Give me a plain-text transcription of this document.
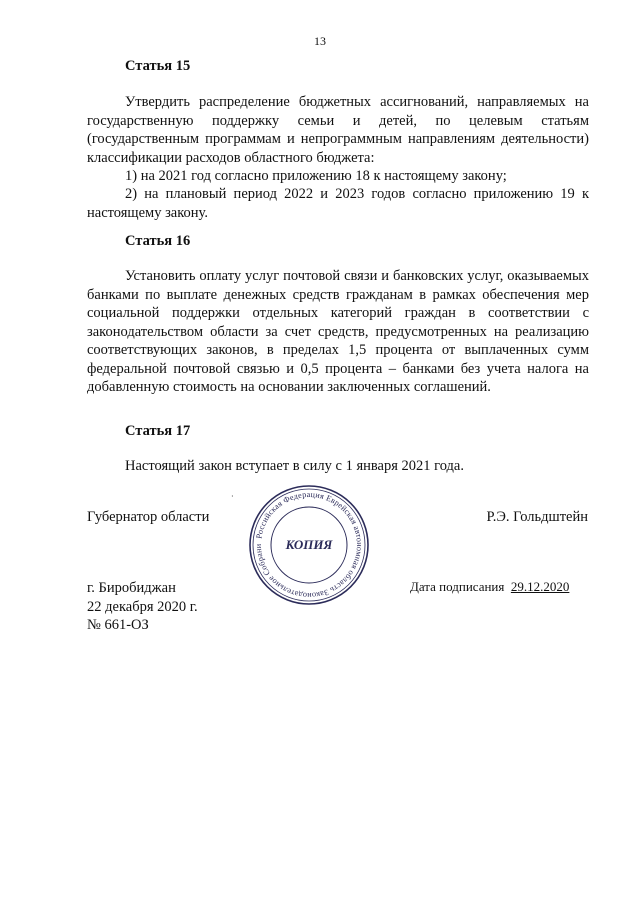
13
Статья 15

Утвердить распределение бюджетных ассигнований, направляемых на государственную поддержку семьи и детей, по целевым статьям (государственным программам и непрограммным направлениям деятельности) классификации расходов областного бюджета:

1) на 2021 год согласно приложению 18 к настоящему закону;

2) на плановый период 2022 и 2023 годов согласно приложению 19 к настоящему закону.

Статья 16

Установить оплату услуг почтовой связи и банковских услуг, оказываемых банками по выплате денежных средств гражданам в рамках обеспечения мер социальной поддержки отдельных категорий граждан в соответствии с законодательством области за счет средств, предусмотренных на реализацию соответствующих законов, в пределах 1,5 процента от выплаченных сумм федеральной почтовой связью и 0,5 процента – банками без учета налога на добавленную стоимость на основании заключенных соглашений.

Статья 17

Настоящий закон вступает в силу с 1 января 2021 года.

Губернатор области	Р.Э. Гольдштейн
·
Российская Федерация Еврейская автономная область Законодательное Собрани	КОПИЯ
г. Биробиджан
22 декабря 2020 г.
№ 661-ОЗ
Дата подписания 29.12.2020
